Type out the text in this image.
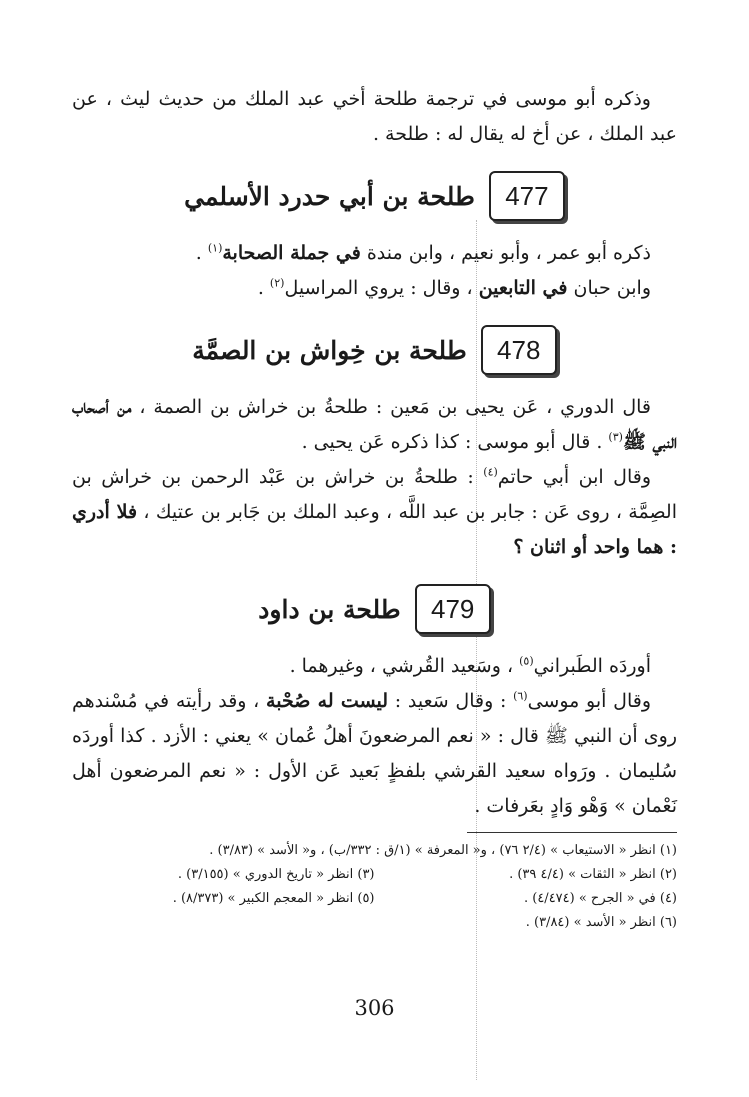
وذكره أبو موسى في ترجمة طلحة أخي عبد الملك من حديث ليث ، عن عبد الملك ، عن أخ له يقال له : طلحة .

477
طلحة بن أبي حدرد الأسلمي

ذكره أبو عمر ، وأبو نعيم ، وابن مندة في جملة الصحابة$^{(١)}$ .

وابن حبان في التابعين ، وقال : يروي المراسيل$^{(٢)}$ .

478
طلحة بن خِواش بن الصمَّة

قال الدوري ، عَن يحيى بن مَعين : طلحةُ بن خراش بن الصمة ، من أصحاب النبي ﷺ$^{(٣)}$ . قال أبو موسى : كذا ذكره عَن يحيى .

وقال ابن أبي حاتم$^{(٤)}$ : طلحةُ بن خراش بن عَبْد الرحمن بن خراش بن الصِمَّة ، روى عَن : جابر بن عبد اللَّه ، وعبد الملك بن جَابر بن عتيك ، فلا أدري : هما واحد أو اثنان ؟

479
طلحة بن داود

أوردَه الطَبراني$^{(٥)}$ ، وسَعيد القُرشي ، وغيرهما .

وقال أبو موسى$^{(٦)}$ : وقال سَعيد : ليست له صُحْبة ، وقد رأيته في مُسْندهم روى أن النبي ﷺ قال : « نعم المرضعونَ أهلُ عُمان » يعني : الأزد . كذا أوردَه سُليمان . ورَواه سعيد القرشي بلفظٍ بَعيد عَن الأول : « نعم المرضعون أهل نَعْمان » وَهْو وَادٍ بعَرفات .

(١) انظر « الاستيعاب » (٢/٤ ٧٦) ، و« المعرفة » (١/ق : ٣٣٢/ب) ، و« الأسد » (٣/٨٣) .
(٢) انظر « الثقات » (٤/٤ ٣٩) .
(٣) انظر « تاريخ الدوري » (٣/١٥٥) .
(٤) في « الجرح » (٤/٤٧٤) .
(٥) انظر « المعجم الكبير » (٨/٣٧٣) .
(٦) انظر « الأسد » (٣/٨٤) .
306
